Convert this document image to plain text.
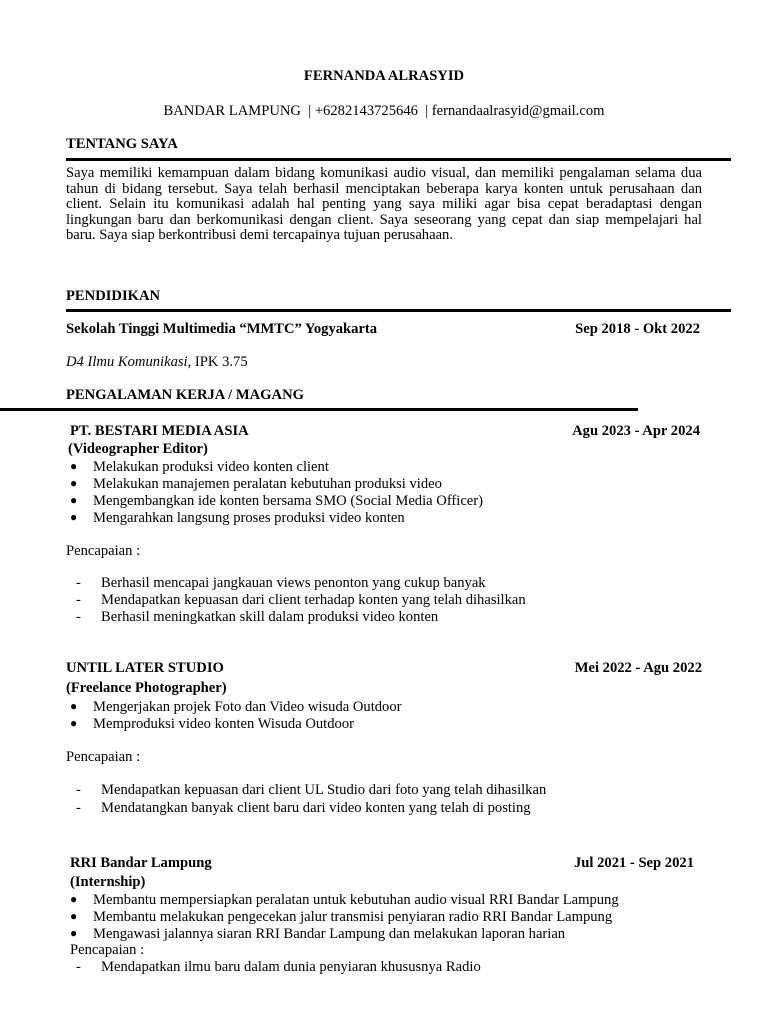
FERNANDA ALRASYID
BANDAR LAMPUNG  | +6282143725646  | fernandaalrasyid@gmail.com
TENTANG SAYA
Saya memiliki kemampuan dalam bidang komunikasi audio visual, dan memiliki pengalaman selama dua tahun di bidang tersebut. Saya telah berhasil menciptakan beberapa karya konten untuk perusahaan dan client. Selain itu komunikasi adalah hal penting yang saya miliki agar bisa cepat beradaptasi dengan lingkungan baru dan berkomunikasi dengan client. Saya seseorang yang cepat dan siap mempelajari hal baru. Saya siap berkontribusi demi tercapainya tujuan perusahaan.
PENDIDIKAN
Sekolah Tinggi Multimedia “MMTC” Yogyakarta	Sep 2018 - Okt 2022
D4 Ilmu Komunikasi, IPK 3.75
PENGALAMAN KERJA / MAGANG
PT. BESTARI MEDIA ASIA	Agu 2023 - Apr 2024
(Videographer Editor)
● Melakukan produksi video konten client
● Melakukan manajemen peralatan kebutuhan produksi video
● Mengembangkan ide konten bersama SMO (Social Media Officer)
● Mengarahkan langsung proses produksi video konten
Pencapaian :
- Berhasil mencapai jangkauan views penonton yang cukup banyak
- Mendapatkan kepuasan dari client terhadap konten yang telah dihasilkan
- Berhasil meningkatkan skill dalam produksi video konten
UNTIL LATER STUDIO	Mei 2022 - Agu 2022
(Freelance Photographer)
● Mengerjakan projek Foto dan Video wisuda Outdoor
● Memproduksi video konten Wisuda Outdoor
Pencapaian :
- Mendapatkan kepuasan dari client UL Studio dari foto yang telah dihasilkan
- Mendatangkan banyak client baru dari video konten yang telah di posting
RRI Bandar Lampung	Jul 2021 - Sep 2021
(Internship)
● Membantu mempersiapkan peralatan untuk kebutuhan audio visual RRI Bandar Lampung
● Membantu melakukan pengecekan jalur transmisi penyiaran radio RRI Bandar Lampung
● Mengawasi jalannya siaran RRI Bandar Lampung dan melakukan laporan harian
Pencapaian :
- Mendapatkan ilmu baru dalam dunia penyiaran khususnya Radio
